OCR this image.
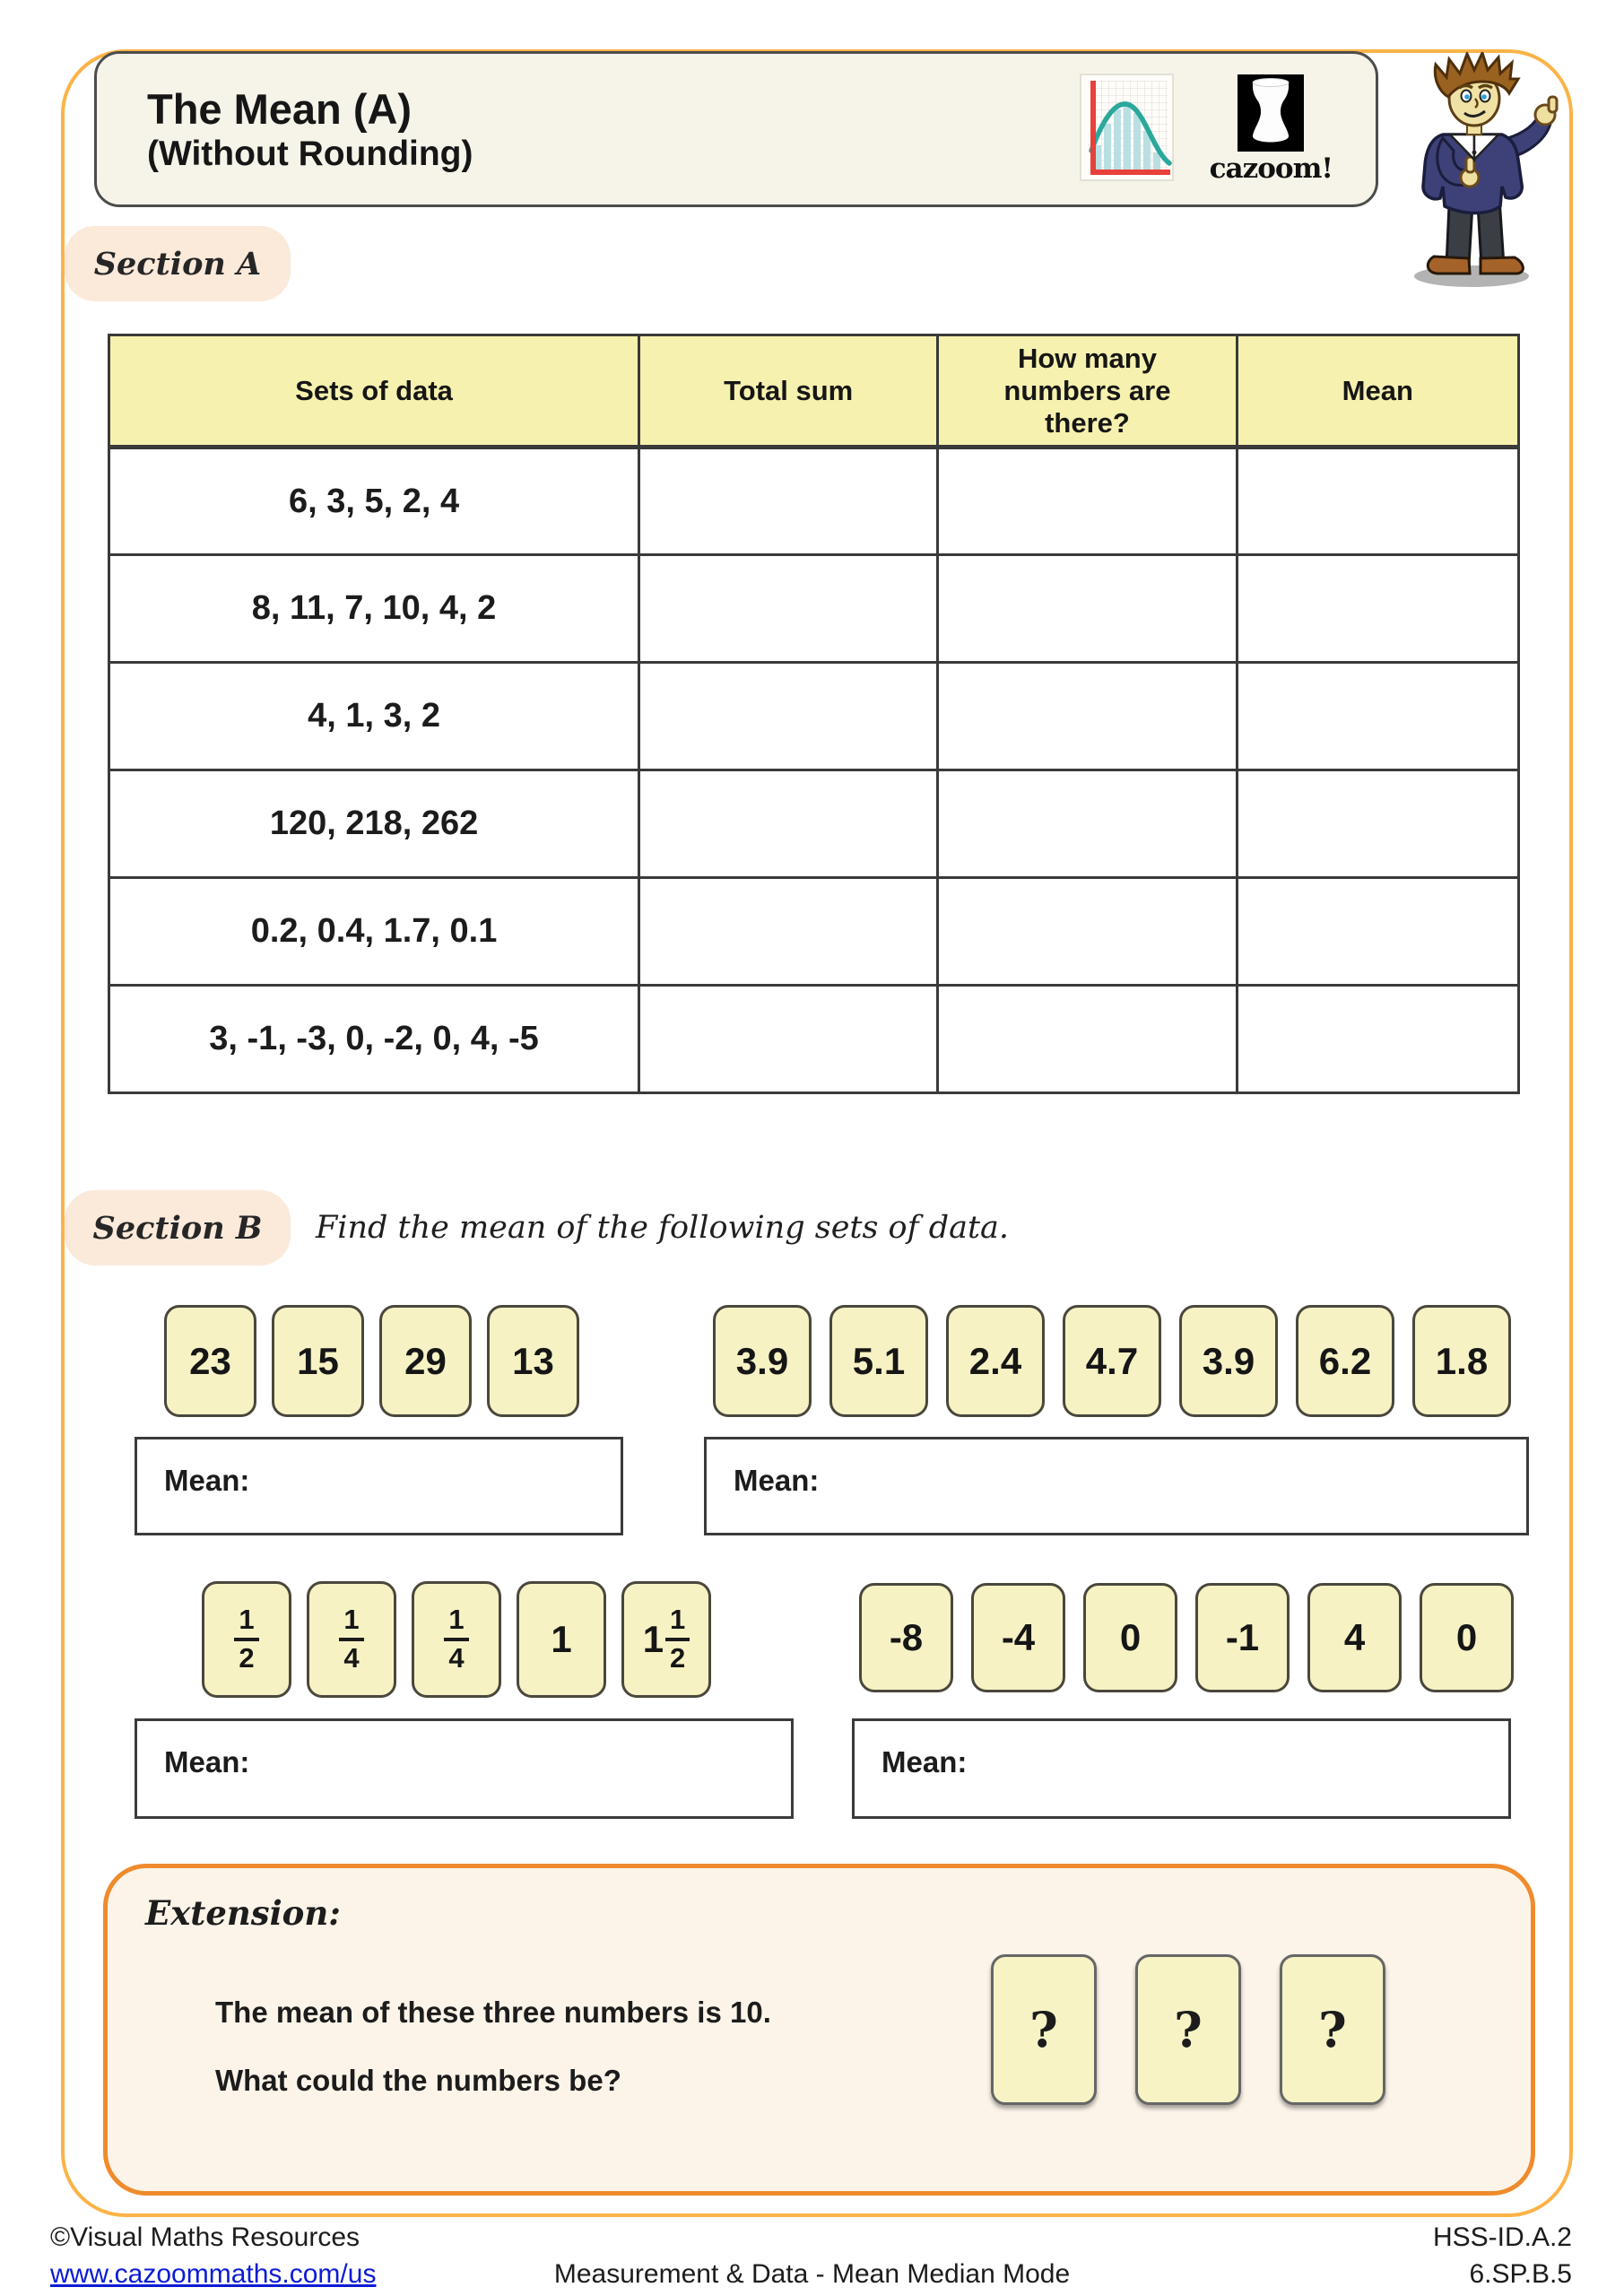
The Mean (A)
(Without Rounding)	cazoom!
Section A
Sets of data	Total sum	How many numbers are there?	Mean
6, 3, 5, 2, 4			
8, 11, 7, 10, 4, 2			
4, 1, 3, 2			
120, 218, 262			
0.2, 0.4, 1.7, 0.1			
3, -1, -3, 0, -2, 0, 4, -5			
Section B Find the mean of the following sets of data.
23	15	29	13
Mean:
3.9	5.1	2.4	4.7	3.9	6.2	1.8
Mean:
$\frac{1}{2}$	$\frac{1}{4}$	$\frac{1}{4} 1$ $1 \frac{1}{2}$
Mean:
-8	-4	0	-1	4	0
Mean:
Extension:
The mean of these three numbers is 10.
What could the numbers be?
?	?	?
©Visual Maths Resources
www.cazoommaths.com/us	Measurement & Data - Mean Median Mode
HSS-ID.A.2
6.SP.B.5
